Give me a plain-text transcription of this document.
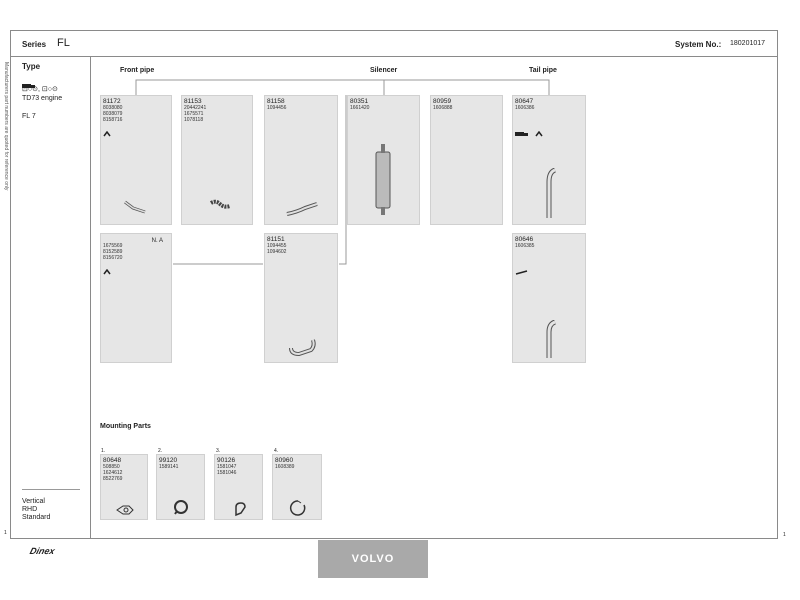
Series FL	System No.: 180201017
Manufacturers part numbers are quoted for reference only Type
⊡○⊙, ⊡○⊙
TD73 engine
FL 7
Vertical
RHD
Standard
Front pipe	Silencer	Tail pipe
81172
8038080
8038079
8158716
81153
20442241
1675571
1078118
81158
1094456
80351
1661420
80959
1606888
80647
1606386
N. A
1675569
8152589
8156720
81151
1094455
1094602
80646
1606385
Mounting Parts
1.
80648
508850
1624612
8522769
2.
99120
1589141
3.
90126
1581047
1581046
4.
80960
1608389
1	1
Dinex
VOLVO
